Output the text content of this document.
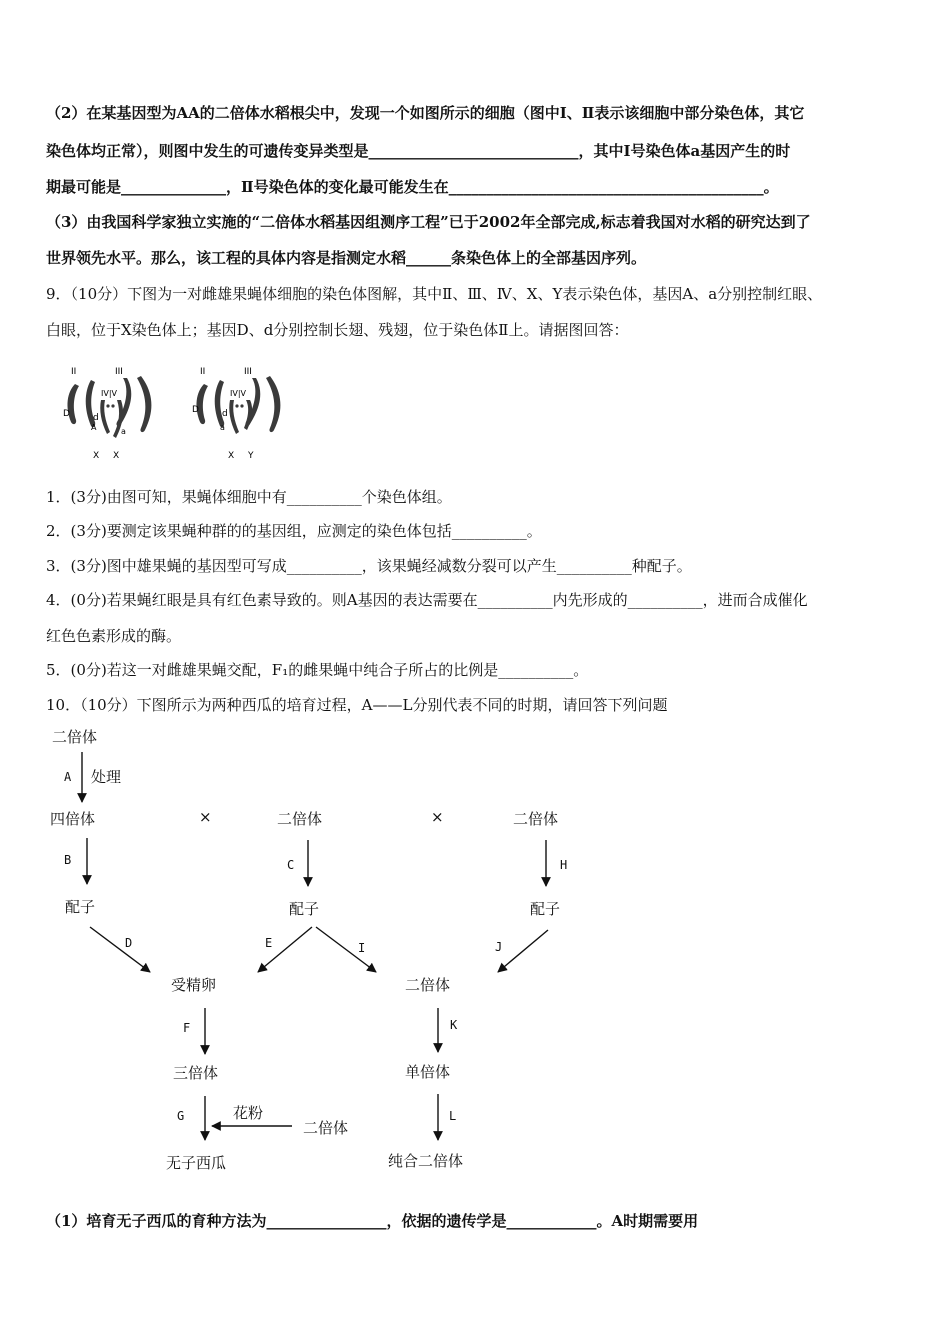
（2）在某基因型为AA的二倍体水稻根尖中，发现一个如图所示的细胞（图中Ⅰ、Ⅱ表示该细胞中部分染色体，其它
染色体均正常），则图中发生的可遗传变异类型是____________________________，其中Ⅰ号染色体a基因产生的时
期最可能是______________，Ⅱ号染色体的变化最可能发生在__________________________________________。
（3）由我国科学家独立实施的“二倍体水稻基因组测序工程”已于2002年全部完成,标志着我国对水稻的研究达到了
世界领先水平。那么，该工程的具体内容是指测定水稻______条染色体上的全部基因序列。
9．（10分）下图为一对雌雄果蝇体细胞的染色体图解，其中Ⅱ、Ⅲ、Ⅳ、X、Y表示染色体，基因A、a分别控制红眼、
白眼，位于X染色体上；基因D、d分别控制长翅、残翅，位于染色体Ⅱ上。请据图回答：
II	III
D	d
IV|V
A	a
X X
II	III
D	d
IV|V
a
X Y
1．(3分)由图可知，果蝇体细胞中有__________个染色体组。
2．(3分)要测定该果蝇种群的的基因组，应测定的染色体包括__________。
3．(3分)图中雄果蝇的基因型可写成__________，该果蝇经减数分裂可以产生__________种配子。
4．(0分)若果蝇红眼是具有红色素导致的。则A基因的表达需要在__________内先形成的__________，进而合成催化
红色色素形成的酶。
5．(0分)若这一对雌雄果蝇交配，F₁的雌果蝇中纯合子所占的比例是__________。
10．（10分）下图所示为两种西瓜的培育过程，A——L分别代表不同的时期，请回答下列问题
二倍体
A 处理
四倍体	×	二倍体	×	二倍体
B	C	H
配子	配子	配子
D	E	I	J
受精卵	二倍体
F	K
三倍体	单倍体
G	花粉
二倍体
L
无子西瓜	纯合二倍体
（1）培育无子西瓜的育种方法为________________，依据的遗传学是____________。A时期需要用
